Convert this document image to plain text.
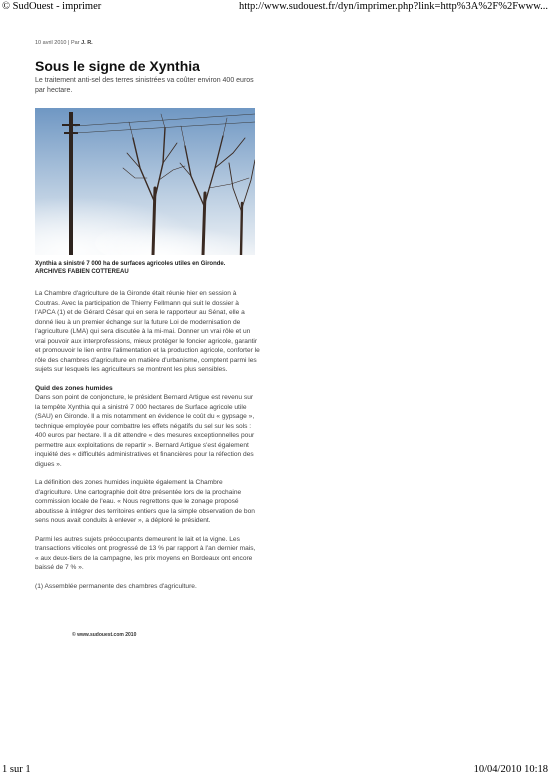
© SudOuest - imprimer	http://www.sudouest.fr/dyn/imprimer.php?link=http%3A%2F%2Fwww...
10 avril 2010 | Par J. R.
Sous le signe de Xynthia

Le traitement anti-sel des terres sinistrées va coûter environ 400 euros par hectare.

Xynthia a sinistré 7 000 ha de surfaces agricoles utiles en Gironde.
ARCHIVES FABIEN COTTEREAU

La Chambre d'agriculture de la Gironde était réunie hier en session à Coutras. Avec la participation de Thierry Fellmann qui suit le dossier à l'APCA (1) et de Gérard César qui en sera le rapporteur au Sénat, elle a donné lieu à un premier échange sur la future Loi de modernisation de l'agriculture (LMA) qui sera discutée à la mi-mai. Donner un vrai rôle et un vrai pouvoir aux interprofessions, mieux protéger le foncier agricole, garantir et promouvoir le lien entre l'alimentation et la production agricole, conforter le rôle des chambres d'agriculture en matière d'urbanisme, comptent parmi les sujets sur lesquels les agriculteurs se montrent les plus sensibles.

Quid des zones humides

Dans son point de conjoncture, le président Bernard Artigue est revenu sur la tempête Xynthia qui a sinistré 7 000 hectares de Surface agricole utile (SAU) en Gironde. Il a mis notamment en évidence le coût du « gypsage », technique employée pour combattre les effets négatifs du sel sur les sols : 400 euros par hectare. Il a dit attendre « des mesures exceptionnelles pour permettre aux exploitations de repartir ». Bernard Artigue s'est également inquiété des « difficultés administratives et financières pour la réfection des digues ».

La définition des zones humides inquiète également la Chambre d'agriculture. Une cartographie doit être présentée lors de la prochaine commission locale de l'eau. « Nous regrettons que le zonage proposé aboutisse à intégrer des territoires entiers que la simple observation de bon sens nous avait conduits à enlever », a déploré le président.

Parmi les autres sujets préoccupants demeurent le lait et la vigne. Les transactions viticoles ont progressé de 13 % par rapport à l'an dernier mais, « aux deux-tiers de la campagne, les prix moyens en Bordeaux ont encore baissé de 7 % ».

(1) Assemblée permanente des chambres d'agriculture.

© www.sudouest.com 2010
1 sur 1	10/04/2010 10:18
